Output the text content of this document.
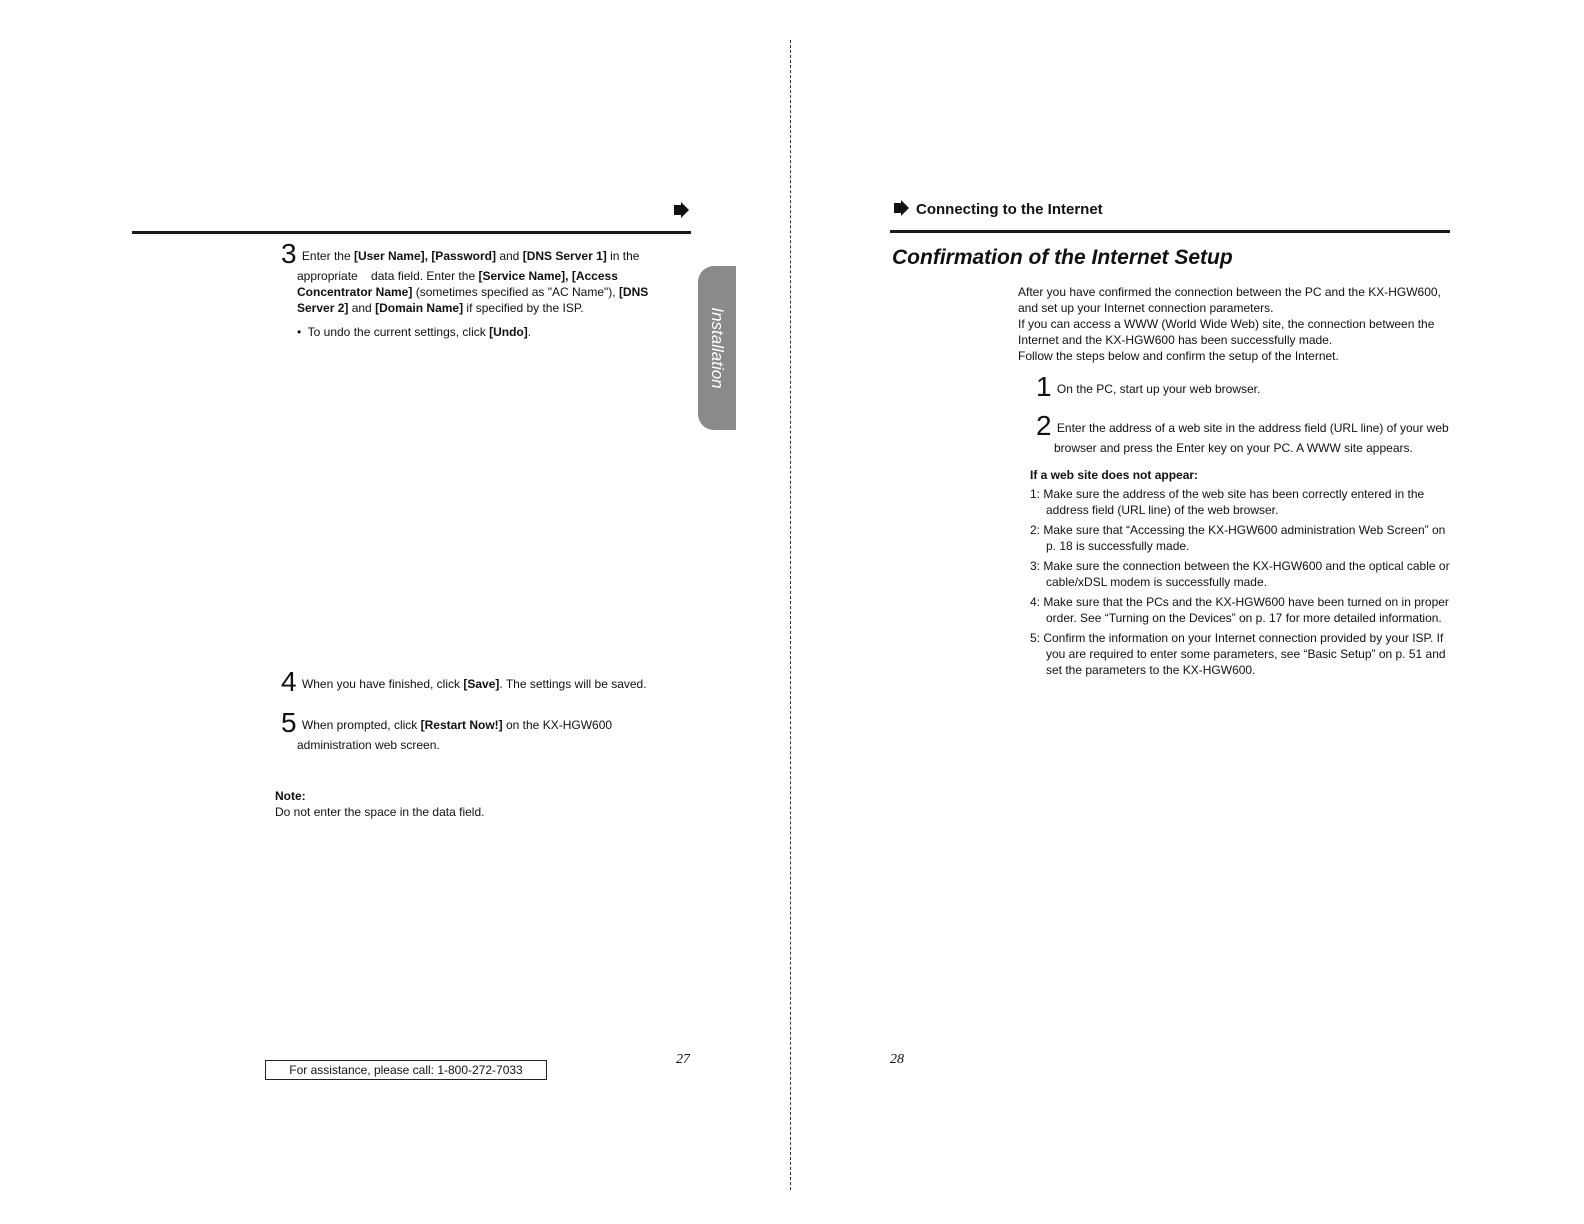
Installation
3 Enter the [User Name], [Password] and [DNS Server 1] in the appropriate    data field. Enter the [Service Name], [Access Concentrator Name] (sometimes specified as "AC Name"), [DNS Server 2] and [Domain Name] if specified by the ISP.
• To undo the current settings, click [Undo].
4 When you have finished, click [Save]. The settings will be saved.
5 When prompted, click [Restart Now!] on the KX-HGW600 administration web screen.
Note:
Do not enter the space in the data field.
For assistance, please call: 1-800-272-7033
27
Connecting to the Internet
Confirmation of the Internet Setup
After you have confirmed the connection between the PC and the KX-HGW600, and set up your Internet connection parameters.
If you can access a WWW (World Wide Web) site, the connection between the Internet and the KX-HGW600 has been successfully made.
Follow the steps below and confirm the setup of the Internet.
1 On the PC, start up your web browser.
2 Enter the address of a web site in the address field (URL line) of your web browser and press the Enter key on your PC. A WWW site appears.
If a web site does not appear:
1: Make sure the address of the web site has been correctly entered in the address field (URL line) of the web browser.
2: Make sure that “Accessing the KX-HGW600 administration Web Screen” on p. 18 is successfully made.
3: Make sure the connection between the KX-HGW600 and the optical cable or cable/xDSL modem is successfully made.
4: Make sure that the PCs and the KX-HGW600 have been turned on in proper order. See “Turning on the Devices” on p. 17 for more detailed information.
5: Confirm the information on your Internet connection provided by your ISP. If you are required to enter some parameters, see “Basic Setup” on p. 51 and set the parameters to the KX-HGW600.
28
